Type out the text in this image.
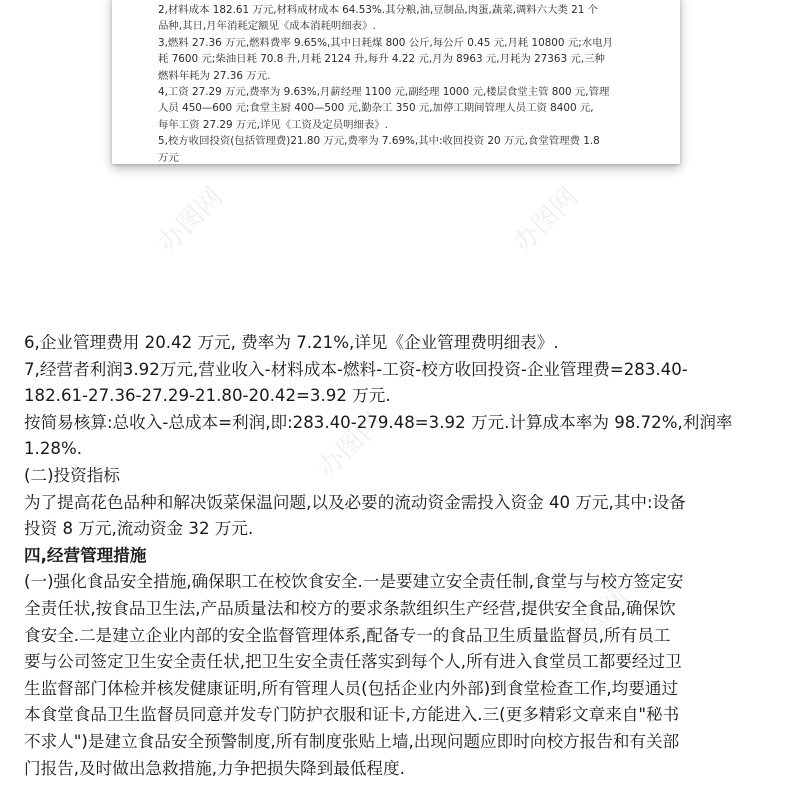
2,材料成本 182.61 万元,材料成材成本 64.53%.其分粮,油,豆制品,肉蛋,蔬菜,调料六大类 21 个
品种,其日,月年消耗定额见《成本消耗明细表》.
3,燃料 27.36 万元,燃料费率 9.65%,其中日耗煤 800 公斤,每公斤 0.45 元,月耗 10800 元;水电月
耗 7600 元;柴油日耗 70.8 升,月耗 2124 升,每升 4.22 元,月为 8963 元,月耗为 27363 元,三种
燃料年耗为 27.36 万元.
4,工资 27.29 万元,费率为 9.63%,月薪经理 1100 元,副经理 1000 元,楼层食堂主管 800 元,管理
人员 450—600 元;食堂主厨 400—500 元,勤杂工 350 元,加停工期间管理人员工资 8400 元,
每年工资 27.29 万元,详见《工资及定员明细表》.
5,校方收回投资(包括管理费)21.80 万元,费率为 7.69%,其中:收回投资 20 万元,食堂管理费 1.8
万元
6,企业管理费用 20.42 万元, 费率为 7.21%,详见《企业管理费明细表》.
7,经营者利润3.92万元,营业收入-材料成本-燃料-工资-校方收回投资-企业管理费=283.40-
182.61-27.36-27.29-21.80-20.42=3.92 万元.
按简易核算:总收入-总成本=利润,即:283.40-279.48=3.92 万元.计算成本率为 98.72%,利润率
1.28%.
(二)投资指标
为了提高花色品种和解决饭菜保温问题,以及必要的流动资金需投入资金 40 万元,其中:设备
投资 8 万元,流动资金 32 万元.
四,经营管理措施
(一)强化食品安全措施,确保职工在校饮食安全.一是要建立安全责任制,食堂与与校方签定安
全责任状,按食品卫生法,产品质量法和校方的要求条款组织生产经营,提供安全食品,确保饮
食安全.二是建立企业内部的安全监督管理体系,配备专一的食品卫生质量监督员,所有员工
要与公司签定卫生安全责任状,把卫生安全责任落实到每个人,所有进入食堂员工都要经过卫
生监督部门体检并核发健康证明,所有管理人员(包括企业内外部)到食堂检查工作,均要通过
本食堂食品卫生监督员同意并发专门防护衣服和证卡,方能进入.三(更多精彩文章来自"秘书
不求人")是建立食品安全预警制度,所有制度张贴上墙,出现问题应即时向校方报告和有关部
门报告,及时做出急救措施,力争把损失降到最低程度.
办图网	办图网
办图网
办图网
